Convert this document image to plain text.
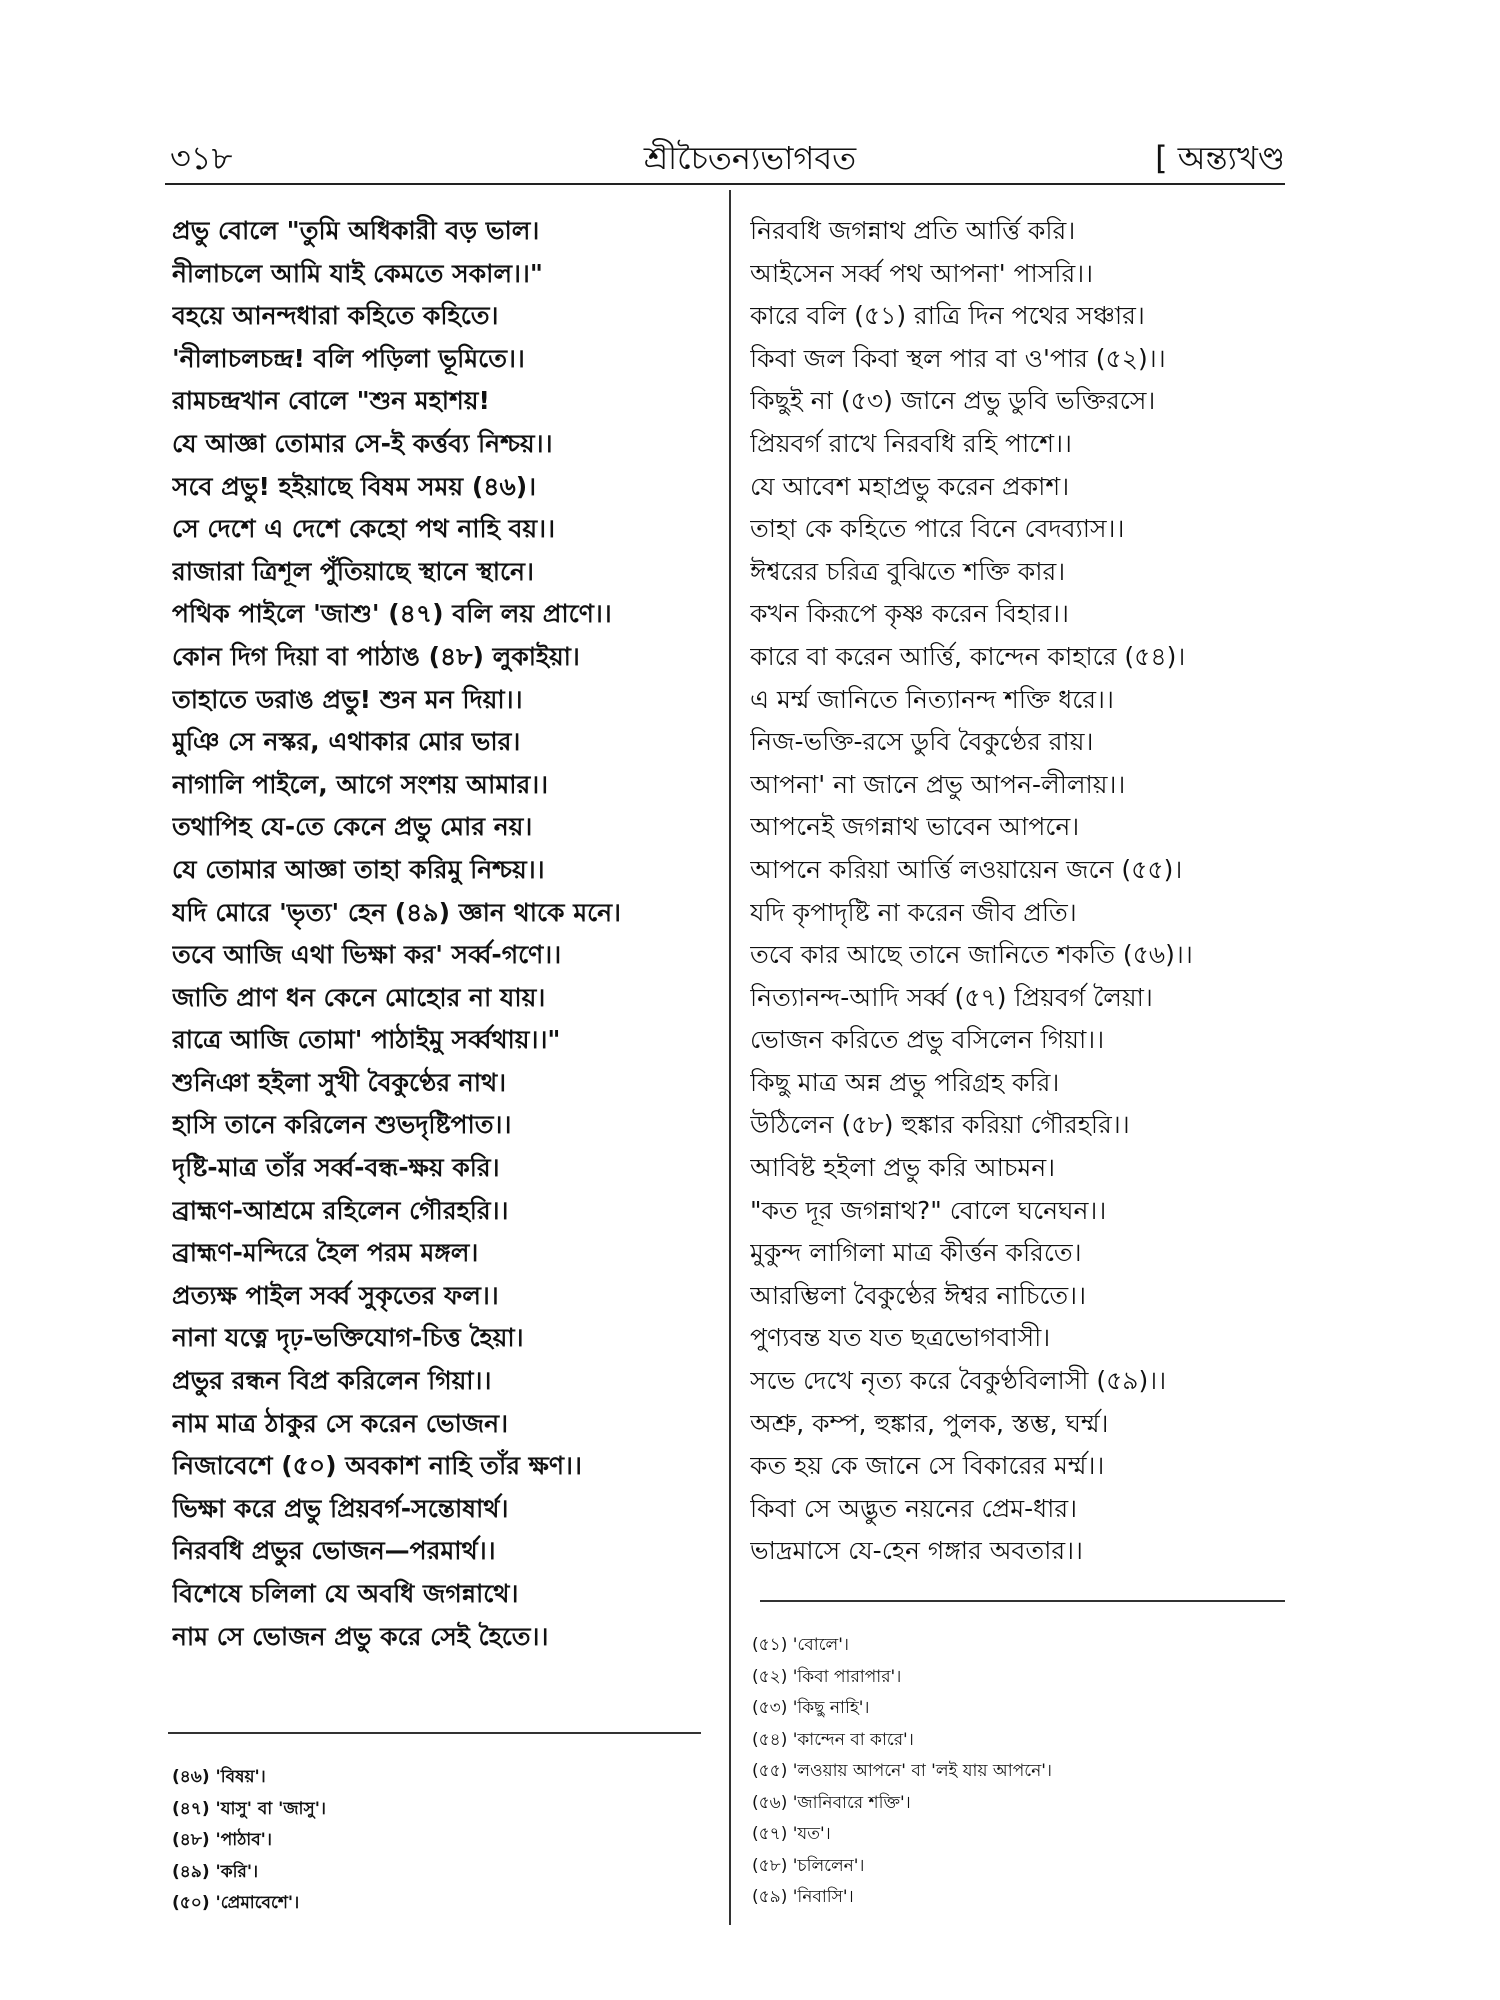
শ্রীচৈতন্যভাগবত
৩১৮	[ অন্ত্যখণ্ড
প্রভু বোলে "তুমি অধিকারী বড় ভাল।
নীলাচলে আমি যাই কেমতে সকাল।।"
বহয়ে আনন্দধারা কহিতে কহিতে।
'নীলাচলচন্দ্র! বলি পড়িলা ভূমিতে।।
রামচন্দ্রখান বোলে "শুন মহাশয়!
যে আজ্ঞা তোমার সে-ই কর্ত্তব্য নিশ্চয়।।
সবে প্রভু! হইয়াছে বিষম সময় (৪৬)।
সে দেশে এ দেশে কেহো পথ নাহি বয়।।
রাজারা ত্রিশূল পুঁতিয়াছে স্থানে স্থানে।
পথিক পাইলে 'জাশু' (৪৭) বলি লয় প্রাণে।।
কোন দিগ দিয়া বা পাঠাঙ (৪৮) লুকাইয়া।
তাহাতে ডরাঙ প্রভু! শুন মন দিয়া।।
মুঞি সে নস্কর, এথাকার মোর ভার।
নাগালি পাইলে, আগে সংশয় আমার।।
তথাপিহ যে-তে কেনে প্রভু মোর নয়।
যে তোমার আজ্ঞা তাহা করিমু নিশ্চয়।।
যদি মোরে 'ভৃত্য' হেন (৪৯) জ্ঞান থাকে মনে।
তবে আজি এথা ভিক্ষা কর' সর্ব্ব-গণে।।
জাতি প্রাণ ধন কেনে মোহোর না যায়।
রাত্রে আজি তোমা' পাঠাইমু সর্ব্বথায়।।"
শুনিঞা হইলা সুখী বৈকুণ্ঠের নাথ।
হাসি তানে করিলেন শুভদৃষ্টিপাত।।
দৃষ্টি-মাত্র তাঁর সর্ব্ব-বন্ধ-ক্ষয় করি।
ব্রাহ্মণ-আশ্রমে রহিলেন গৌরহরি।।
ব্রাহ্মণ-মন্দিরে হৈল পরম মঙ্গল।
প্রত্যক্ষ পাইল সর্ব্ব সুকৃতের ফল।।
নানা যত্নে দৃঢ়-ভক্তিযোগ-চিত্ত হৈয়া।
প্রভুর রন্ধন বিপ্র করিলেন গিয়া।।
নাম মাত্র ঠাকুর সে করেন ভোজন।
নিজাবেশে (৫০) অবকাশ নাহি তাঁর ক্ষণ।।
ভিক্ষা করে প্রভু প্রিয়বর্গ-সন্তোষার্থ।
নিরবধি প্রভুর ভোজন—পরমার্থ।।
বিশেষে চলিলা যে অবধি জগন্নাথে।
নাম সে ভোজন প্রভু করে সেই হৈতে।।
নিরবধি জগন্নাথ প্রতি আর্ত্তি করি।
আইসেন সর্ব্ব পথ আপনা' পাসরি।।
কারে বলি (৫১) রাত্রি দিন পথের সঞ্চার।
কিবা জল কিবা স্থল পার বা ও'পার (৫২)।।
কিছুই না (৫৩) জানে প্রভু ডুবি ভক্তিরসে।
প্রিয়বর্গ রাখে নিরবধি রহি পাশে।।
যে আবেশ মহাপ্রভু করেন প্রকাশ।
তাহা কে কহিতে পারে বিনে বেদব্যাস।।
ঈশ্বরের চরিত্র বুঝিতে শক্তি কার।
কখন কিরূপে কৃষ্ণ করেন বিহার।।
কারে বা করেন আর্ত্তি, কান্দেন কাহারে (৫৪)।
এ মর্ম্ম জানিতে নিত্যানন্দ শক্তি ধরে।।
নিজ-ভক্তি-রসে ডুবি বৈকুণ্ঠের রায়।
আপনা' না জানে প্রভু আপন-লীলায়।।
আপনেই জগন্নাথ ভাবেন আপনে।
আপনে করিয়া আর্ত্তি লওয়ায়েন জনে (৫৫)।
যদি কৃপাদৃষ্টি না করেন জীব প্রতি।
তবে কার আছে তানে জানিতে শকতি (৫৬)।।
নিত্যানন্দ-আদি সর্ব্ব (৫৭) প্রিয়বর্গ লৈয়া।
ভোজন করিতে প্রভু বসিলেন গিয়া।।
কিছু মাত্র অন্ন প্রভু পরিগ্রহ করি।
উঠিলেন (৫৮) হুঙ্কার করিয়া গৌরহরি।।
আবিষ্ট হইলা প্রভু করি আচমন।
"কত দূর জগন্নাথ?" বোলে ঘনেঘন।।
মুকুন্দ লাগিলা মাত্র কীর্ত্তন করিতে।
আরম্ভিলা বৈকুণ্ঠের ঈশ্বর নাচিতে।।
পুণ্যবন্ত যত যত ছত্রভোগবাসী।
সভে দেখে নৃত্য করে বৈকুণ্ঠবিলাসী (৫৯)।।
অশ্রু, কম্প, হুঙ্কার, পুলক, স্তম্ভ, ঘর্ম্ম।
কত হয় কে জানে সে বিকারের মর্ম্ম।।
কিবা সে অদ্ভুত নয়নের প্রেম-ধার।
ভাদ্রমাসে যে-হেন গঙ্গার অবতার।।
(৪৬) 'বিষয়'।
(৪৭) 'যাসু' বা 'জাসু'।
(৪৮) 'পাঠাব'।
(৪৯) 'করি'।
(৫০) 'প্রেমাবেশে'।
(৫১) 'বোলে'।
(৫২) 'কিবা পারাপার'।
(৫৩) 'কিছু নাহি'।
(৫৪) 'কান্দেন বা কারে'।
(৫৫) 'লওয়ায় আপনে' বা 'লই যায় আপনে'।
(৫৬) 'জানিবারে শক্তি'।
(৫৭) 'যত'।
(৫৮) 'চলিলেন'।
(৫৯) 'নিবাসি'।
